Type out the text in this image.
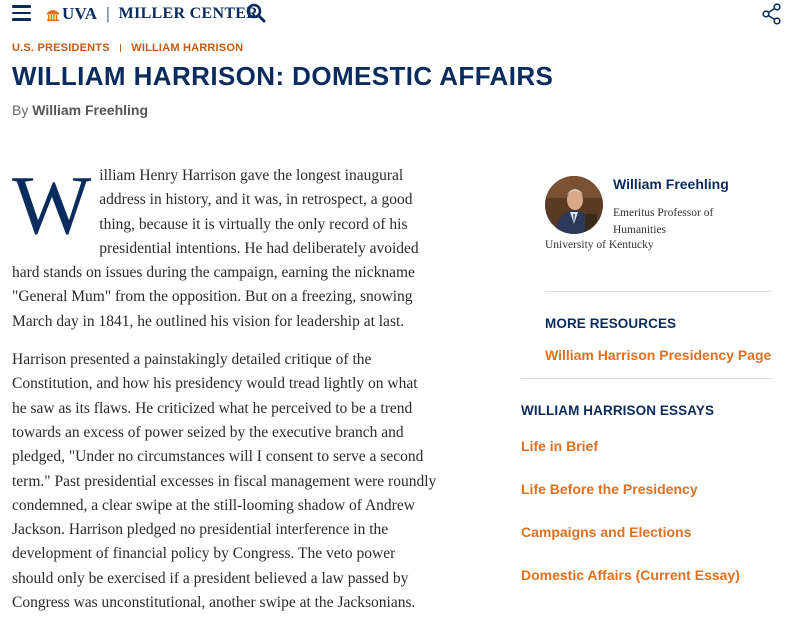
UVA | MILLER CENTER
U.S. PRESIDENTS WILLIAM HARRISON
WILLIAM HARRISON: DOMESTIC AFFAIRS
By William Freehling

W illiam Henry Harrison gave the longest inaugural
address in history, and it was, in retrospect, a good
thing, because it is virtually the only record of his
presidential intentions. He had deliberately avoided
hard stands on issues during the campaign, earning the nickname
"General Mum" from the opposition. But on a freezing, snowing
March day in 1841, he outlined his vision for leadership at last.

Harrison presented a painstakingly detailed critique of the
Constitution, and how his presidency would tread lightly on what
he saw as its flaws. He criticized what he perceived to be a trend
towards an excess of power seized by the executive branch and
pledged, "Under no circumstances will I consent to serve a second
term." Past presidential excesses in fiscal management were roundly
condemned, a clear swipe at the still-looming shadow of Andrew
Jackson. Harrison pledged no presidential interference in the
development of financial policy by Congress. The veto power
should only be exercised if a president believed a law passed by
Congress was unconstitutional, another swipe at the Jacksonians.

William Freehling
Emeritus Professor of Humanities
University of Kentucky
MORE RESOURCES
William Harrison Presidency Page
WILLIAM HARRISON ESSAYS
Life in Brief
Life Before the Presidency
Campaigns and Elections
Domestic Affairs (Current Essay)
